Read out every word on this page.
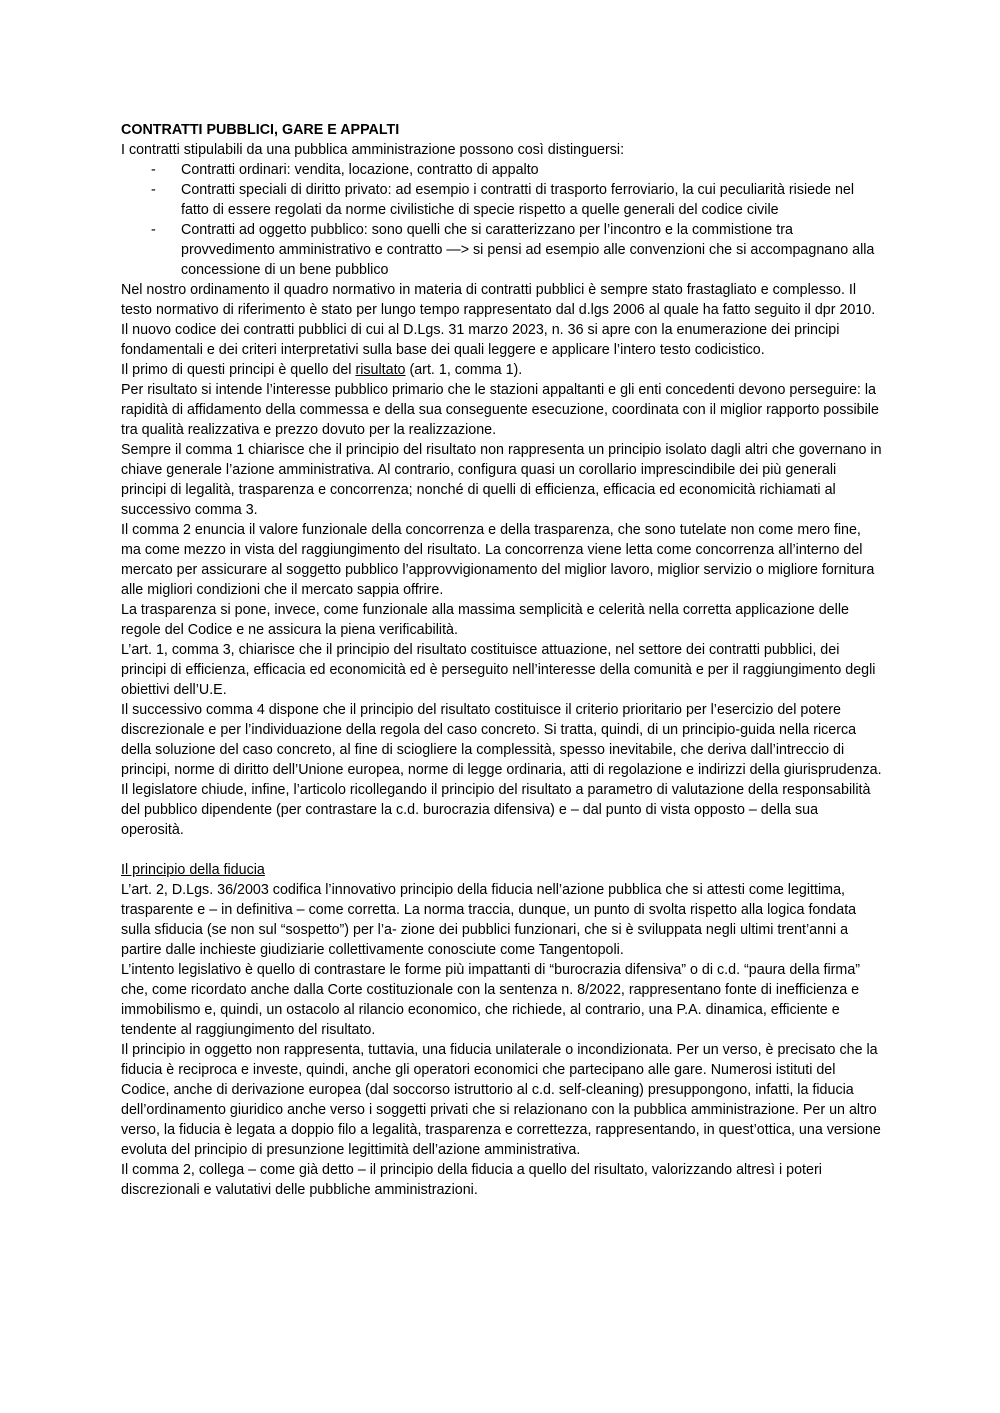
CONTRATTI PUBBLICI, GARE E APPALTI

I contratti stipulabili da una pubblica amministrazione possono così distinguersi:

- Contratti ordinari: vendita, locazione, contratto di appalto
- Contratti speciali di diritto privato: ad esempio i contratti di trasporto ferroviario, la cui peculiarità risiede nel fatto di essere regolati da norme civilistiche di specie rispetto a quelle generali del codice civile
- Contratti ad oggetto pubblico: sono quelli che si caratterizzano per l’incontro e la commistione tra provvedimento amministrativo e contratto —> si pensi ad esempio alle convenzioni che si accompagnano alla concessione di un bene pubblico

Nel nostro ordinamento il quadro normativo in materia di contratti pubblici è sempre stato frastagliato e complesso. Il testo normativo di riferimento è stato per lungo tempo rappresentato dal d.lgs 2006 al quale ha fatto seguito il dpr 2010.

Il nuovo codice dei contratti pubblici di cui al D.Lgs. 31 marzo 2023, n. 36 si apre con la enumerazione dei principi fondamentali e dei criteri interpretativi sulla base dei quali leggere e applicare l’intero testo codicistico.

Il primo di questi principi è quello del risultato (art. 1, comma 1).

Per risultato si intende l’interesse pubblico primario che le stazioni appaltanti e gli enti concedenti devono perseguire: la rapidità di affidamento della commessa e della sua conseguente esecuzione, coordinata con il miglior rapporto possibile tra qualità realizzativa e prezzo dovuto per la realizzazione.

Sempre il comma 1 chiarisce che il principio del risultato non rappresenta un principio isolato dagli altri che governano in chiave generale l’azione amministrativa. Al contrario, configura quasi un corollario imprescindibile dei più generali principi di legalità, trasparenza e concorrenza; nonché di quelli di efficienza, efficacia ed economicità richiamati al successivo comma 3.

Il comma 2 enuncia il valore funzionale della concorrenza e della trasparenza, che sono tutelate non come mero fine, ma come mezzo in vista del raggiungimento del risultato. La concorrenza viene letta come concorrenza all’interno del mercato per assicurare al soggetto pubblico l’approvvigionamento del miglior lavoro, miglior servizio o migliore fornitura alle migliori condizioni che il mercato sappia offrire.

La trasparenza si pone, invece, come funzionale alla massima semplicità e celerità nella corretta applicazione delle regole del Codice e ne assicura la piena verificabilità.

L’art. 1, comma 3, chiarisce che il principio del risultato costituisce attuazione, nel settore dei contratti pubblici, dei principi di efficienza, efficacia ed economicità ed è perseguito nell’interesse della comunità e per il raggiungimento degli obiettivi dell’U.E.

Il successivo comma 4 dispone che il principio del risultato costituisce il criterio prioritario per l’esercizio del potere discrezionale e per l’individuazione della regola del caso concreto. Si tratta, quindi, di un principio-guida nella ricerca della soluzione del caso concreto, al fine di sciogliere la complessità, spesso inevitabile, che deriva dall’intreccio di principi, norme di diritto dell’Unione europea, norme di legge ordinaria, atti di regolazione e indirizzi della giurisprudenza.

Il legislatore chiude, infine, l’articolo ricollegando il principio del risultato a parametro di valutazione della responsabilità del pubblico dipendente (per contrastare la c.d. burocrazia difensiva) e – dal punto di vista opposto – della sua operosità.

Il principio della fiducia

L’art. 2, D.Lgs. 36/2003 codifica l’innovativo principio della fiducia nell’azione pubblica che si attesti come legittima, trasparente e – in definitiva – come corretta. La norma traccia, dunque, un punto di svolta rispetto alla logica fondata sulla sfiducia (se non sul “sospetto”) per l’a- zione dei pubblici funzionari, che si è sviluppata negli ultimi trent’anni a partire dalle inchieste giudiziarie collettivamente conosciute come Tangentopoli.

L’intento legislativo è quello di contrastare le forme più impattanti di “burocrazia difensiva” o di c.d. “paura della firma” che, come ricordato anche dalla Corte costituzionale con la sentenza n. 8/2022, rappresentano fonte di inefficienza e immobilismo e, quindi, un ostacolo al rilancio economico, che richiede, al contrario, una P.A. dinamica, efficiente e tendente al raggiungimento del risultato.

Il principio in oggetto non rappresenta, tuttavia, una fiducia unilaterale o incondizionata. Per un verso, è precisato che la fiducia è reciproca e investe, quindi, anche gli operatori economici che partecipano alle gare. Numerosi istituti del Codice, anche di derivazione europea (dal soccorso istruttorio al c.d. self-cleaning) presuppongono, infatti, la fiducia dell’ordinamento giuridico anche verso i soggetti privati che si relazionano con la pubblica amministrazione. Per un altro verso, la fiducia è legata a doppio filo a legalità, trasparenza e correttezza, rappresentando, in quest’ottica, una versione evoluta del principio di presunzione legittimità dell’azione amministrativa.

Il comma 2, collega – come già detto – il principio della fiducia a quello del risultato, valorizzando altresì i poteri discrezionali e valutativi delle pubbliche amministrazioni.
